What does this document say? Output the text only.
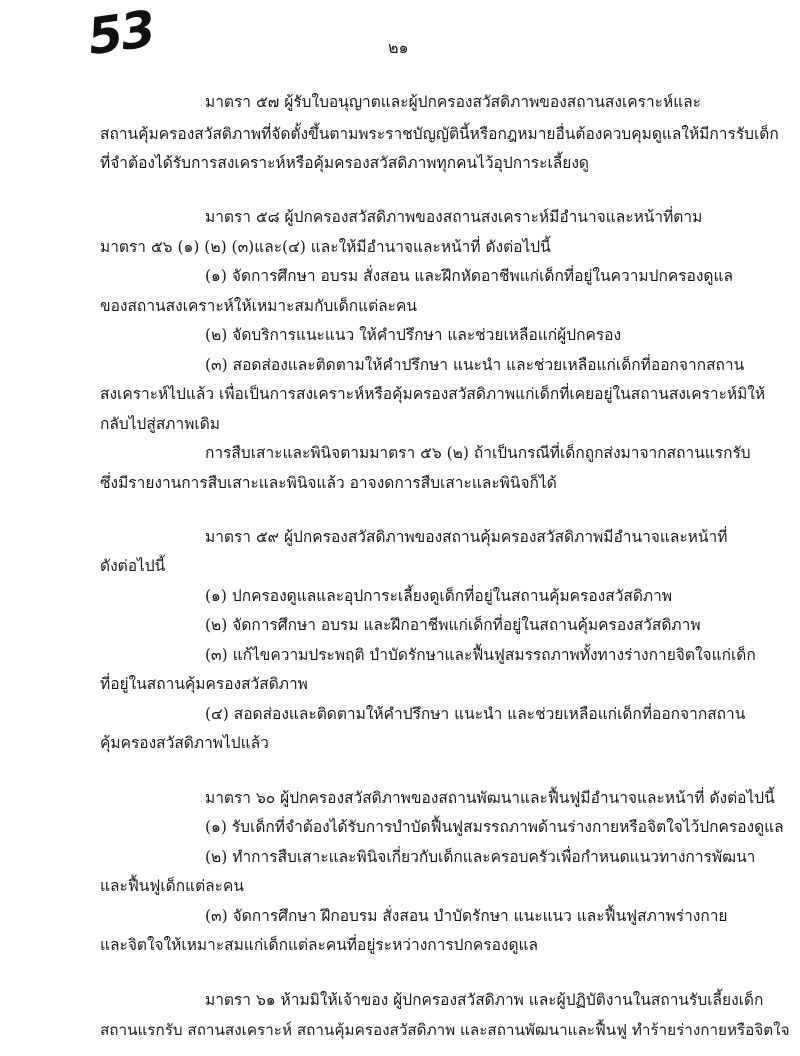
53	๒๑
มาตรา ๕๗ ผู้รับใบอนุญาตและผู้ปกครองสวัสดิภาพของสถานสงเคราะห์และ
สถานคุ้มครองสวัสดิภาพที่จัดตั้งขึ้นตามพระราชบัญญัตินี้หรือกฎหมายอื่นต้องควบคุมดูแลให้มีการรับเด็ก
ที่จำต้องได้รับการสงเคราะห์หรือคุ้มครองสวัสดิภาพทุกคนไว้อุปการะเลี้ยงดู
มาตรา ๕๘ ผู้ปกครองสวัสดิภาพของสถานสงเคราะห์มีอำนาจและหน้าที่ตาม
มาตรา ๕๖ (๑) (๒) (๓)และ(๔) และให้มีอำนาจและหน้าที่ ดังต่อไปนี้
(๑) จัดการศึกษา อบรม สั่งสอน และฝึกหัดอาชีพแก่เด็กที่อยู่ในความปกครองดูแล
ของสถานสงเคราะห์ให้เหมาะสมกับเด็กแต่ละคน
(๒) จัดบริการแนะแนว ให้คำปรึกษา และช่วยเหลือแก่ผู้ปกครอง
(๓) สอดส่องและติดตามให้คำปรึกษา แนะนำ และช่วยเหลือแก่เด็กที่ออกจากสถาน
สงเคราะห์ไปแล้ว เพื่อเป็นการสงเคราะห์หรือคุ้มครองสวัสดิภาพแก่เด็กที่เคยอยู่ในสถานสงเคราะห์มิให้
กลับไปสู่สภาพเดิม
การสืบเสาะและพินิจตามมาตรา ๕๖ (๒) ถ้าเป็นกรณีที่เด็กถูกส่งมาจากสถานแรกรับ
ซึ่งมีรายงานการสืบเสาะและพินิจแล้ว อาจงดการสืบเสาะและพินิจก็ได้
มาตรา ๕๙ ผู้ปกครองสวัสดิภาพของสถานคุ้มครองสวัสดิภาพมีอำนาจและหน้าที่
ดังต่อไปนี้
(๑) ปกครองดูแลและอุปการะเลี้ยงดูเด็กที่อยู่ในสถานคุ้มครองสวัสดิภาพ
(๒) จัดการศึกษา อบรม และฝึกอาชีพแก่เด็กที่อยู่ในสถานคุ้มครองสวัสดิภาพ
(๓) แก้ไขความประพฤติ บำบัดรักษาและฟื้นฟูสมรรถภาพทั้งทางร่างกายจิตใจแก่เด็ก
ที่อยู่ในสถานคุ้มครองสวัสดิภาพ
(๔) สอดส่องและติดตามให้คำปรึกษา แนะนำ และช่วยเหลือแก่เด็กที่ออกจากสถาน
คุ้มครองสวัสดิภาพไปแล้ว
มาตรา ๖๐ ผู้ปกครองสวัสดิภาพของสถานพัฒนาและฟื้นฟูมีอำนาจและหน้าที่ ดังต่อไปนี้
(๑) รับเด็กที่จำต้องได้รับการบำบัดฟื้นฟูสมรรถภาพด้านร่างกายหรือจิตใจไว้ปกครองดูแล
(๒) ทำการสืบเสาะและพินิจเกี่ยวกับเด็กและครอบครัวเพื่อกำหนดแนวทางการพัฒนา
และฟื้นฟูเด็กแต่ละคน
(๓) จัดการศึกษา ฝึกอบรม สั่งสอน บำบัดรักษา แนะแนว และฟื้นฟูสภาพร่างกาย
และจิตใจให้เหมาะสมแก่เด็กแต่ละคนที่อยู่ระหว่างการปกครองดูแล
มาตรา ๖๑ ห้ามมิให้เจ้าของ ผู้ปกครองสวัสดิภาพ และผู้ปฏิบัติงานในสถานรับเลี้ยงเด็ก
สถานแรกรับ สถานสงเคราะห์ สถานคุ้มครองสวัสดิภาพ และสถานพัฒนาและฟื้นฟู ทำร้ายร่างกายหรือจิตใจ
